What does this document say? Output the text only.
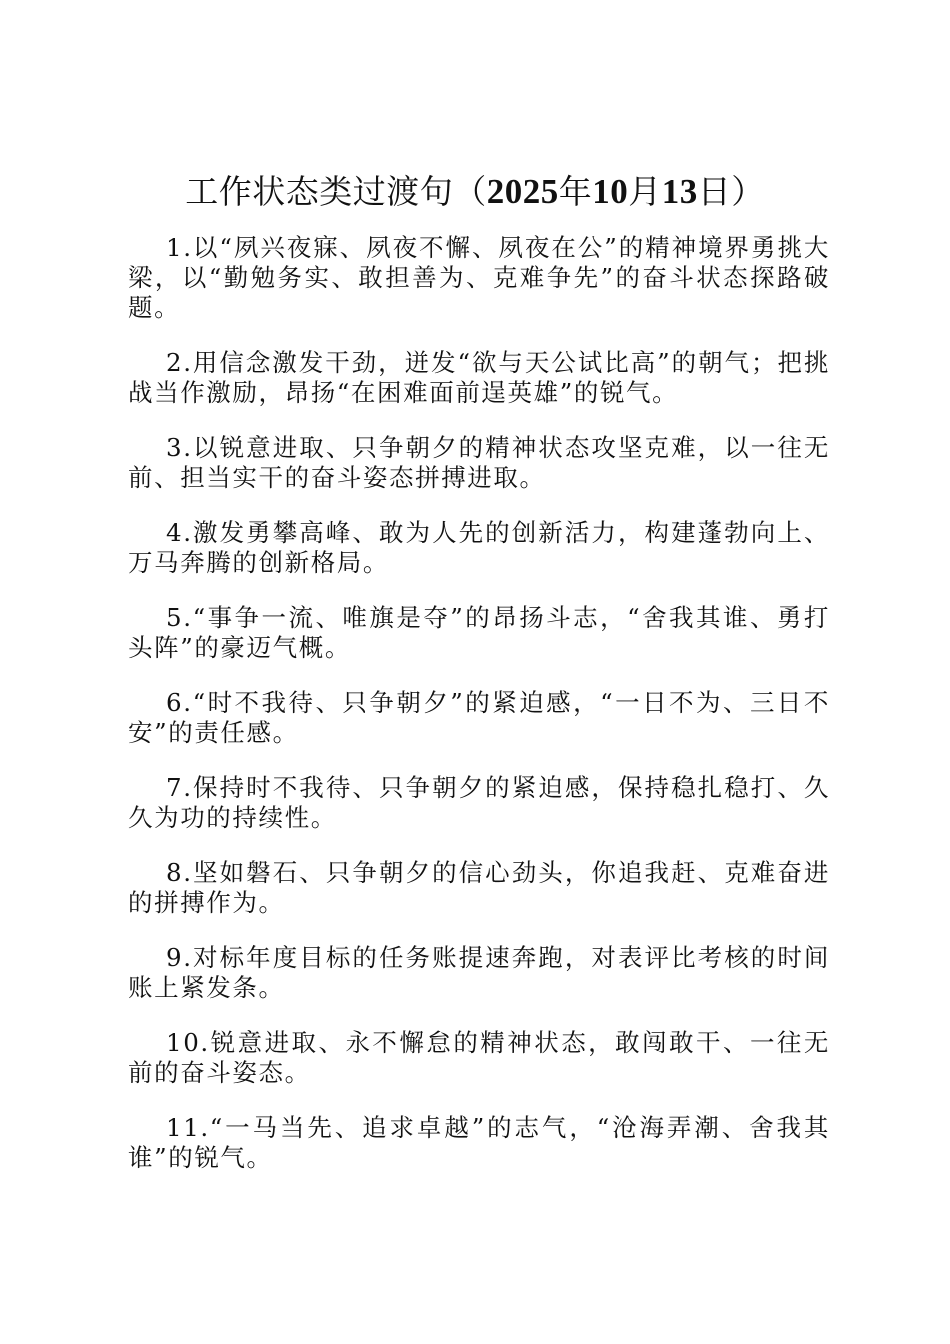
工作状态类过渡句（2025年10月13日）

1.以“夙兴夜寐、夙夜不懈、夙夜在公”的精神境界勇挑大梁，以“勤勉务实、敢担善为、克难争先”的奋斗状态探路破题。

2.用信念激发干劲，迸发“欲与天公试比高”的朝气；把挑战当作激励，昂扬“在困难面前逞英雄”的锐气。

3.以锐意进取、只争朝夕的精神状态攻坚克难，以一往无前、担当实干的奋斗姿态拼搏进取。

4.激发勇攀高峰、敢为人先的创新活力，构建蓬勃向上、万马奔腾的创新格局。

5.“事争一流、唯旗是夺”的昂扬斗志，“舍我其谁、勇打头阵”的豪迈气概。

6.“时不我待、只争朝夕”的紧迫感，“一日不为、三日不安”的责任感。

7.保持时不我待、只争朝夕的紧迫感，保持稳扎稳打、久久为功的持续性。

8.坚如磐石、只争朝夕的信心劲头，你追我赶、克难奋进的拼搏作为。

9.对标年度目标的任务账提速奔跑，对表评比考核的时间账上紧发条。

10.锐意进取、永不懈怠的精神状态，敢闯敢干、一往无前的奋斗姿态。

11.“一马当先、追求卓越”的志气，“沧海弄潮、舍我其谁”的锐气。
